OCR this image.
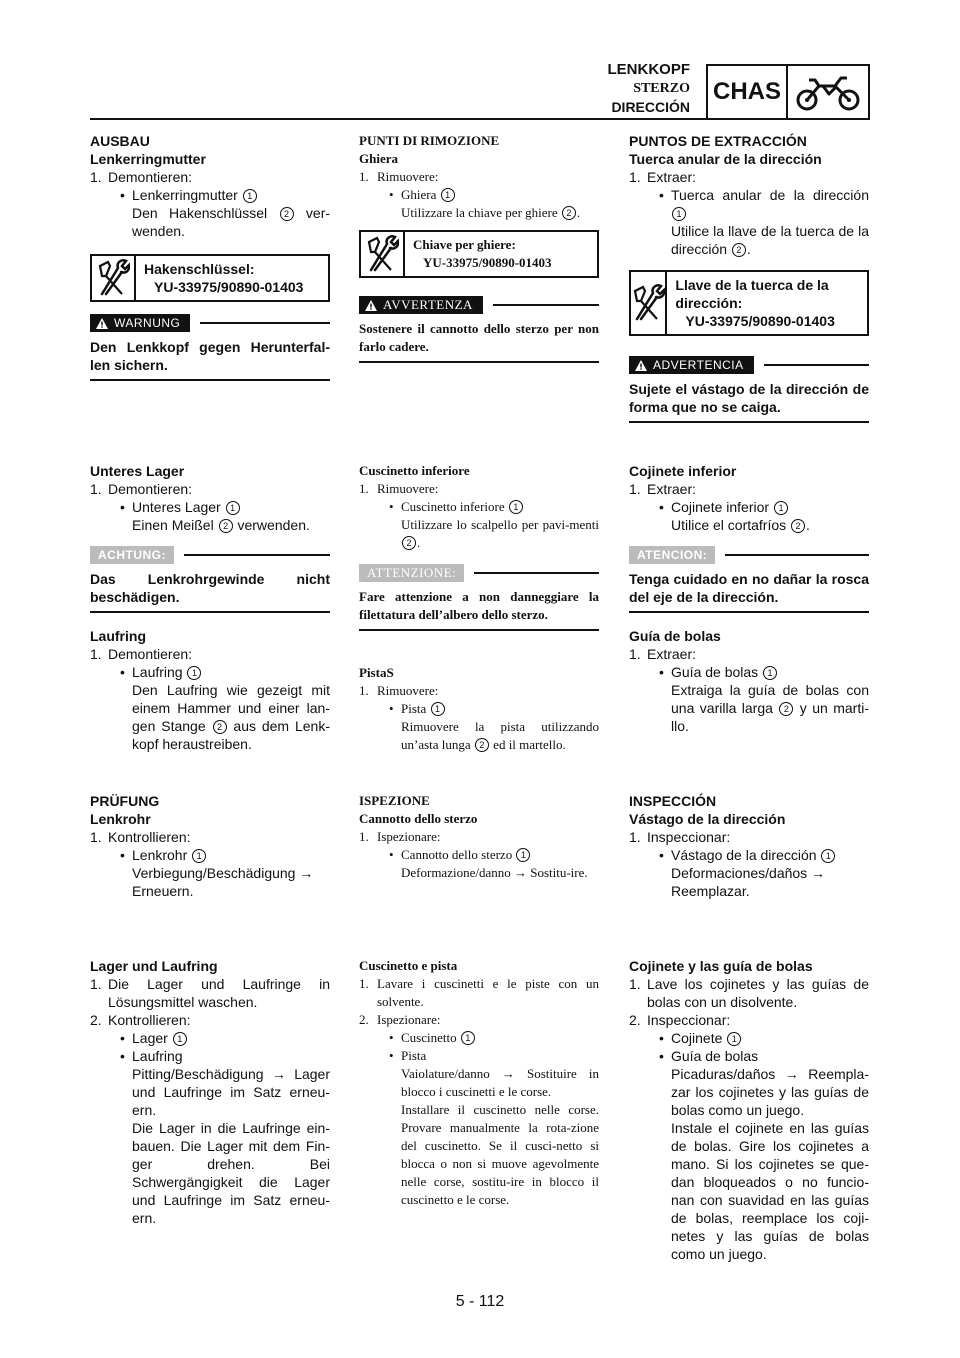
LENKKOPF
STERZO
DIRECCIÓN
CHAS

AUSBAU

Lenkerringmutter

1. Demontieren:
• Lenkerringmutter 1
Den Hakenschlüssel 2 ver-wenden.
Hakenschlüssel:
YU-33975/90890-01403
WARNUNG

Den Lenkkopf gegen Herunterfal-len sichern.

Unteres Lager

1. Demontieren:
• Unteres Lager 1
Einen Meißel 2 verwenden.
ACHTUNG:

Das Lenkrohrgewinde nicht beschädigen.

Laufring

1. Demontieren:
• Laufring 1
Den Laufring wie gezeigt mit einem Hammer und einer lan-gen Stange 2 aus dem Lenk-kopf heraustreiben.

PRÜFUNG

Lenkrohr

1. Kontrollieren:
• Lenkrohr 1
Verbiegung/Beschädigung → Erneuern.

Lager und Laufring

1. Die Lager und Laufringe in Lösungsmittel waschen.
2. Kontrollieren:
• Lager 1
• Laufring
Pitting/Beschädigung → Lager und Laufringe im Satz erneu-ern.
Die Lager in die Laufringe ein-bauen. Die Lager mit dem Fin-ger drehen. Bei Schwergängigkeit die Lager und Laufringe im Satz erneu-ern.

PUNTI DI RIMOZIONE

Ghiera

1. Rimuovere:
• Ghiera 1
Utilizzare la chiave per ghiere 2 .
Chiave per ghiere:
YU-33975/90890-01403
AVVERTENZA

Sostenere il cannotto dello sterzo per non farlo cadere.

Cuscinetto inferiore

1. Rimuovere:
• Cuscinetto inferiore 1
Utilizzare lo scalpello per pavi-menti 2 .
ATTENZIONE:

Fare attenzione a non danneggiare la filettatura dell’albero dello sterzo.

PistaS

1. Rimuovere:
• Pista 1
Rimuovere la pista utilizzando un’asta lunga 2 ed il martello.

ISPEZIONE

Cannotto dello sterzo

1. Ispezionare:
• Cannotto dello sterzo 1
Deformazione/danno → Sostitu-ire.

Cuscinetto e pista

1. Lavare i cuscinetti e le piste con un solvente.
2. Ispezionare:
• Cuscinetto 1
• Pista
Vaiolature/danno → Sostituire in blocco i cuscinetti e le corse.
Installare il cuscinetto nelle corse. Provare manualmente la rota-zione del cuscinetto. Se il cusci-netto si blocca o non si muove agevolmente nelle corse, sostitu-ire in blocco il cuscinetto e le corse.

PUNTOS DE EXTRACCIÓN

Tuerca anular de la dirección

1. Extraer:
• Tuerca anular de la dirección 1
Utilice la llave de la tuerca de la dirección 2 .
Llave de la tuerca de la dirección:
YU-33975/90890-01403
ADVERTENCIA

Sujete el vástago de la dirección de forma que no se caiga.

Cojinete inferior

1. Extraer:
• Cojinete inferior 1
Utilice el cortafríos 2 .
ATENCION:

Tenga cuidado en no dañar la rosca del eje de la dirección.

Guía de bolas

1. Extraer:
• Guía de bolas 1
Extraiga la guía de bolas con una varilla larga 2 y un marti-llo.

INSPECCIÓN

Vástago de la dirección

1. Inspeccionar:
• Vástago de la dirección 1
Deformaciones/daños → Reemplazar.

Cojinete y las guía de bolas

1. Lave los cojinetes y las guías de bolas con un disolvente.
2. Inspeccionar:
• Cojinete 1
• Guía de bolas
Picaduras/daños → Reempla-zar los cojinetes y las guías de bolas como un juego.
Instale el cojinete en las guías de bolas. Gire los cojinetes a mano. Si los cojinetes se que-dan bloqueados o no funcio-nan con suavidad en las guías de bolas, reemplace los coji-netes y las guías de bolas como un juego.
5 - 112
